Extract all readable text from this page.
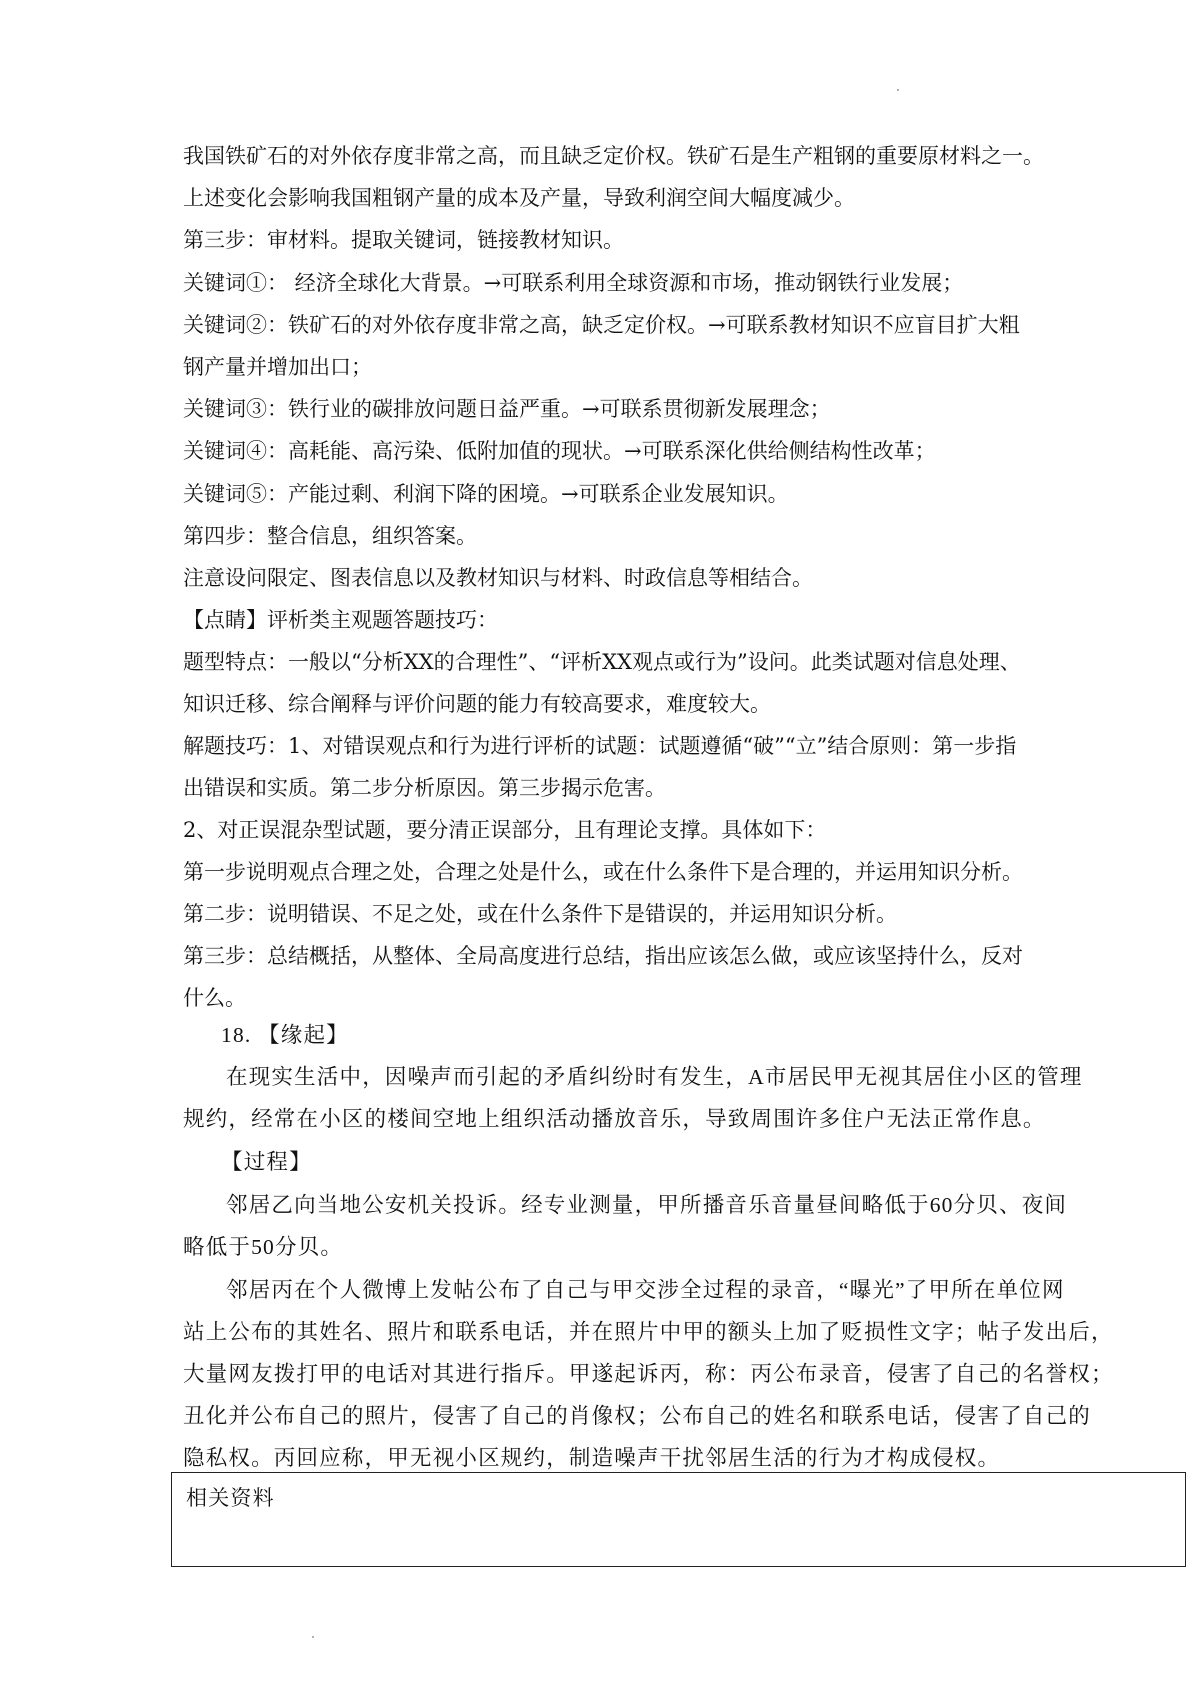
我国铁矿石的对外依存度非常之高，而且缺乏定价权。铁矿石是生产粗钢的重要原材料之一。
上述变化会影响我国粗钢产量的成本及产量，导致利润空间大幅度减少。
第三步：审材料。提取关键词，链接教材知识。
关键词①： 经济全球化大背景。→可联系利用全球资源和市场，推动钢铁行业发展；
关键词②：铁矿石的对外依存度非常之高，缺乏定价权。→可联系教材知识不应盲目扩大粗
钢产量并增加出口；
关键词③：铁行业的碳排放问题日益严重。→可联系贯彻新发展理念；
关键词④：高耗能、高污染、低附加值的现状。→可联系深化供给侧结构性改革；
关键词⑤：产能过剩、利润下降的困境。→可联系企业发展知识。
第四步：整合信息，组织答案。
注意设问限定、图表信息以及教材知识与材料、时政信息等相结合。
【点睛】评析类主观题答题技巧：
题型特点：一般以“分析XX的合理性”、“评析XX观点或行为”设问。此类试题对信息处理、
知识迁移、综合阐释与评价问题的能力有较高要求，难度较大。
解题技巧：1、对错误观点和行为进行评析的试题：试题遵循“破”“立”结合原则：第一步指
出错误和实质。第二步分析原因。第三步揭示危害。
2、对正误混杂型试题，要分清正误部分，且有理论支撑。具体如下：
第一步说明观点合理之处，合理之处是什么，或在什么条件下是合理的，并运用知识分析。
第二步：说明错误、不足之处，或在什么条件下是错误的，并运用知识分析。
第三步：总结概括，从整体、全局高度进行总结，指出应该怎么做，或应该坚持什么，反对
什么。
18. 【缘起】
在现实生活中，因噪声而引起的矛盾纠纷时有发生，A市居民甲无视其居住小区的管理
规约，经常在小区的楼间空地上组织活动播放音乐，导致周围许多住户无法正常作息。
【过程】
邻居乙向当地公安机关投诉。经专业测量，甲所播音乐音量昼间略低于60分贝、夜间
略低于50分贝。
邻居丙在个人微博上发帖公布了自己与甲交涉全过程的录音，“曝光”了甲所在单位网
站上公布的其姓名、照片和联系电话，并在照片中甲的额头上加了贬损性文字；帖子发出后，
大量网友拨打甲的电话对其进行指斥。甲遂起诉丙，称：丙公布录音，侵害了自己的名誉权；
丑化并公布自己的照片，侵害了自己的肖像权；公布自己的姓名和联系电话，侵害了自己的
隐私权。丙回应称，甲无视小区规约，制造噪声干扰邻居生活的行为才构成侵权。
相关资料
